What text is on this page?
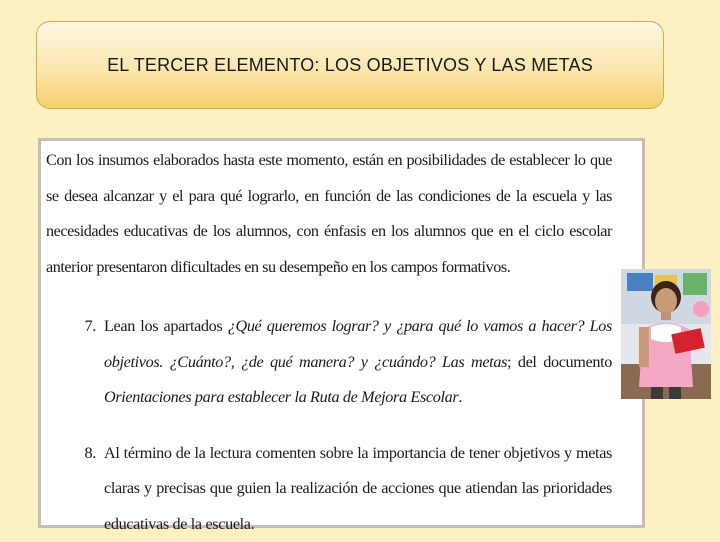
EL TERCER ELEMENTO: LOS OBJETIVOS Y LAS METAS

Con los insumos elaborados hasta este momento, están en posibilidades de establecer lo que se desea alcanzar y el para qué lograrlo, en función de las condiciones de la escuela y las necesidades educativas de los alumnos, con énfasis en los alumnos que en el ciclo escolar anterior presentaron dificultades en su desempeño en los campos formativos.

7. Lean los apartados ¿Qué queremos lograr? y ¿para qué lo vamos a hacer? Los objetivos. ¿Cuánto?, ¿de qué manera? y ¿cuándo? Las metas; del documento Orientaciones para establecer la Ruta de Mejora Escolar.
8. Al término de la lectura comenten sobre la importancia de tener objetivos y metas claras y precisas que guien la realización de acciones que atiendan las prioridades educativas de la escuela.
